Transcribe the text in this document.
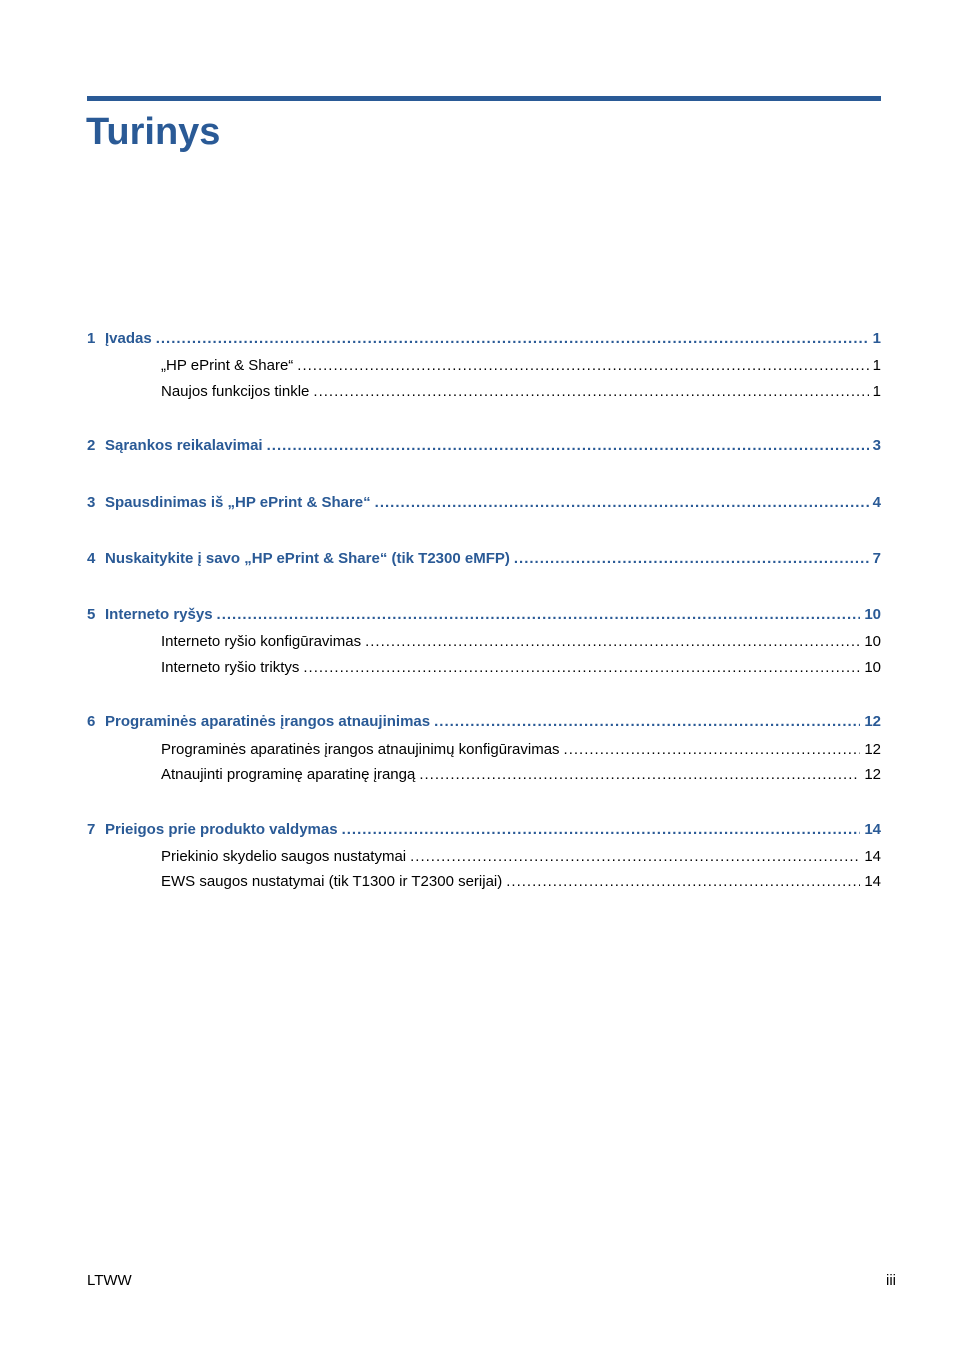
Turinys
1 Įvadas .....	1
„HP ePrint & Share“ .....	1
Naujos funkcijos tinkle .....	1
2 Sąrankos reikalavimai .....	3
3 Spausdinimas iš „HP ePrint & Share“ .....	4
4 Nuskaitykite į savo „HP ePrint & Share“ (tik T2300 eMFP) .....	7
5 Interneto ryšys .....	10
Interneto ryšio konfigūravimas .....	10
Interneto ryšio triktys .....	10
6 Programinės aparatinės įrangos atnaujinimas .....	12
Programinės aparatinės įrangos atnaujinimų konfigūravimas .....	12
Atnaujinti programinę aparatinę įrangą .....	12
7 Prieigos prie produkto valdymas .....	14
Priekinio skydelio saugos nustatymai .....	14
EWS saugos nustatymai (tik T1300 ir T2300 serijai) .....	14
LTWW	iii
